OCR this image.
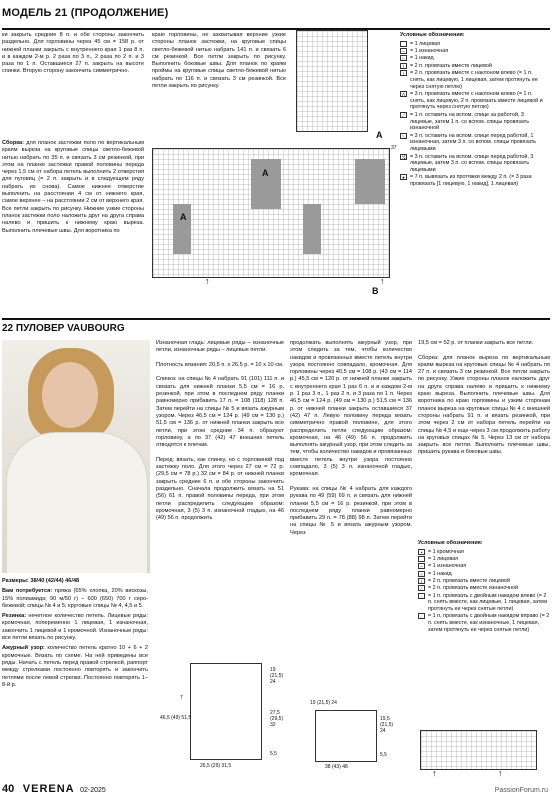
МОДЕЛЬ 21 (ПРОДОЛЖЕНИЕ)

ки закрыть средние 8 п. и обе стороны закончить раздельно. Для горловины через 45 см = 158 р. от нижней планки закрыть с внутреннего края 1 раз 8 п. и в каждом 2-м р. 2 раза по 3 п., 2 раза по 2 п. и 3 раза по 1 п. Оставшиеся 27 п. закрыть на высоте спинки. Вторую сторону закончить симметрично.

Сборка: для планок застежки поло по вертикальным краям выреза на круговые спицы светло-бежевой нитью набрать по 35 п. и связать 3 см резинкой, при этом на планке застежки правой половины переда через 1,5 см от набора петель выполнить 2 отверстия для пуговиц (= 2 п. закрыть и в следующем ряду набрать их снова). Самое нижнее отверстие выполнить на расстоянии 4 см от нижнего края, самое верхнее – на расстоянии 2 см от верхнего края. Все петли закрыть по рисунку. Нижние узкие стороны планок застежки поло наложить друг на друга справа налево и пришить к нижнему краю выреза. Выполнить плечевые швы. Для воротника по

краю горловины, не захватывая верхние узкие стороны планок застежки, на круговые спицы светло-бежевой нитью набрать 141 п. и связать 6 см резинкой. Все петли закрыть по рисунку. Выполнить боковые швы. Для планок по краям проймы на круговые спицы светло-бежевой нитью набрать по 116 п. и связать 3 см резинкой. Все петли закрыть по рисунку.

A
A
A
B
37
↑	↑
Условные обозначения:
= 1 лицевая
– = 1 изнаночная
○ = 1 накид
/	= 2 п. провязать вместе лицевой
\	= 2 п. провязать вместе с наклоном влево (= 1 п. снять, как лицевую, 1 лицевая, затем протянуть ее через снятую петлю)
⋀ = 3 п. провязать вместе с наклоном влево (= 1 п. снять, как лицевую, 2 п. провязать вместе лицевой и протянуть через снятую петлю)
⟋ = 1 п. оставить на вспом. спице за работой, 3 лицевые, затем 1 п. со вспом. спицы провязать изнаночной
⟍ = 3 п. оставить на вспом. спице перед работой, 1 изнаночная, затем 3 п. со вспом. спицы провязать лицевыми
⤭ = 3 п. оставить на вспом. спице перед работой, 3 лицевые, затем 3 п. со вспом. спицы провязать лицевыми
● = 7 п. вывязать из протяжки между 2 п. (= 3 раза провязать [1 лицевую, 1 накид], 1 лицевая)
22 ПУЛОВЕР VAUBOURG
Размеры: 38/40 (42/44) 46/48
Вам потребуется: пряжа (65% хлопка, 20% вискозы, 15% полиамида; 90 м/50 г) – 600 (650) 700 г серо-бежевой; спицы № 4 и 5; круговые спицы № 4, 4,5 и 5.
Резинка: нечетное количество петель. Лицевые ряды: кромочная, попеременно 1 лицевая, 1 изнаночная, закончить 1 лицевой и 1 кромочной. Изнаночные ряды: все петли вязать по рисунку.
Ажурный узор: количество петель кратно 10 + 6 + 2 кромочные. Вязать по схеме. На ней приведены все ряды. Начать с петель перед правой стрелкой, раппорт между стрелками постоянно повторять и закончить петлями после левой стрелки. Постоянно повторять 1–8-й р.

Изнаночная гладь: лицевые ряды – изнаночные петли, изнаночные ряды – лицевые петли.

Плотность вязания: 20,5 п. х 26,5 р. = 10 х 10 см.

Спинка: на спицы № 4 набрать 91 (101) 111 п. и связать для нижней планки 5,5 см = 16 р. резинкой, при этом в последнем ряду планки равномерно прибавить 17 п. = 108 (118) 128 п. Затем перейти на спицы № 5 и вязать ажурным узором. Через 46,5 см = 124 р. (49 см = 130 р.) 51,5 см = 136 р. от нижней планки закрыть все петли, при этом средние 34 п. образуют горловину, а по 37 (42) 47 внешних петель отводятся к плечам.

Перед: вязать, как спинку, но с горловиной под застежку поло. Для этого через 27 см = 72 р. (29,5 см = 78 р.) 32 см = 84 р. от нижней планки закрыть средние 6 п. и обе стороны закончить раздельно. Сначала продолжить вязать на 51 (56) 61 п. правой половины переда, при этом петли распределить следующим образом: кромочная, 3 (5) 3 п. изнаночной гладью, на 46 (49) 56 п. продолжить

продолжать выполнять ажурный узор, при этом следить за тем, чтобы количество накидов и провязанных вместе петель внутри узора постоянно совпадало, кромочная. Для горловины через 40,5 см = 108 р. (43 см = 114 р.) 45,5 см = 120 р. от нижней планки закрыть с внутреннего края 1 раз 6 п. и в каждом 2-м р. 1 раз 3 п., 1 раз 2 п. и 3 раза по 1 п. Через 46,5 см = 124 р. (49 см = 130 р.) 51,5 см = 136 р. от нижней планки закрыть оставшиеся 37 (42) 47 п. Левую половину переда вязать симметрично правой половине, для этого распределить петли следующим образом: кромочная, на 46 (49) 56 п. продолжить выполнять ажурный узор, при этом следить за тем, чтобы количество накидов и провязанных вместе петель внутри узора постоянно совпадало, 3 (5) 3 п. изнаночной гладью, кромочная.

Рукава: на спицы № 4 набрать для каждого рукава по 49 (59) 69 п. и связать для нижней планки 5,5 см = 16 р. резинкой, при этом в последнем ряду планки равномерно прибавить 29 п. = 78 (88) 98 п. Затем перейти на спицы № 5 и вязать ажурным узором. Через

19,5 см = 52 р. от планки закрыть все петли.

Сборка: для планок выреза по вертикальным краям выреза на круговые спицы № 4 набрать по 27 п. и связать 3 см резинкой. Все петли закрыть по рисунку. Узкие стороны планок наложить друг на друга справа налево и пришить к нижнему краю выреза. Выполнить плечевые швы. Для воротника по краю горловины и узким сторонам планок выреза на круговые спицы № 4 с внешней стороны набрать 91 п. и вязать резинкой, при этом через 2 см от набора петель перейти на спицы № 4,5 и еще через 3 см продолжить работу на круговых спицах № 5. Через 13 см от набора закрыть все петли. Выполнить плечевые швы, пришить рукава и боковые швы.

Условные обозначения:
•	= 1 кромочная
= 1 лицевая
– = 1 изнаночная
○ = 1 накид
/	= 2 п. провязать вместе лицевой
∕	= 2 п. провязать вместе изнаночной
◌ = 1 п. провязать с двойным накидом влево (= 2 п. снять вместе, как лицевые, 1 лицевая, затем протянуть ее через снятые петли)
◌ = 1 п. провязать с двойным накидом вправо (= 2 п. снять вместе, как изнаночные, 1 лицевая, затем протянуть ее через снятые петли)
↑	↑
19
(21,5)
24
27,5
(29,5)
32
5,5
7
26,5 (29) 31,5
46,5 (49) 51,5
19 (21,5) 24
19,5
(21,5)
24
5,5
38 (43) 48
40 VERENA 02-2025	PassionForum.ru
